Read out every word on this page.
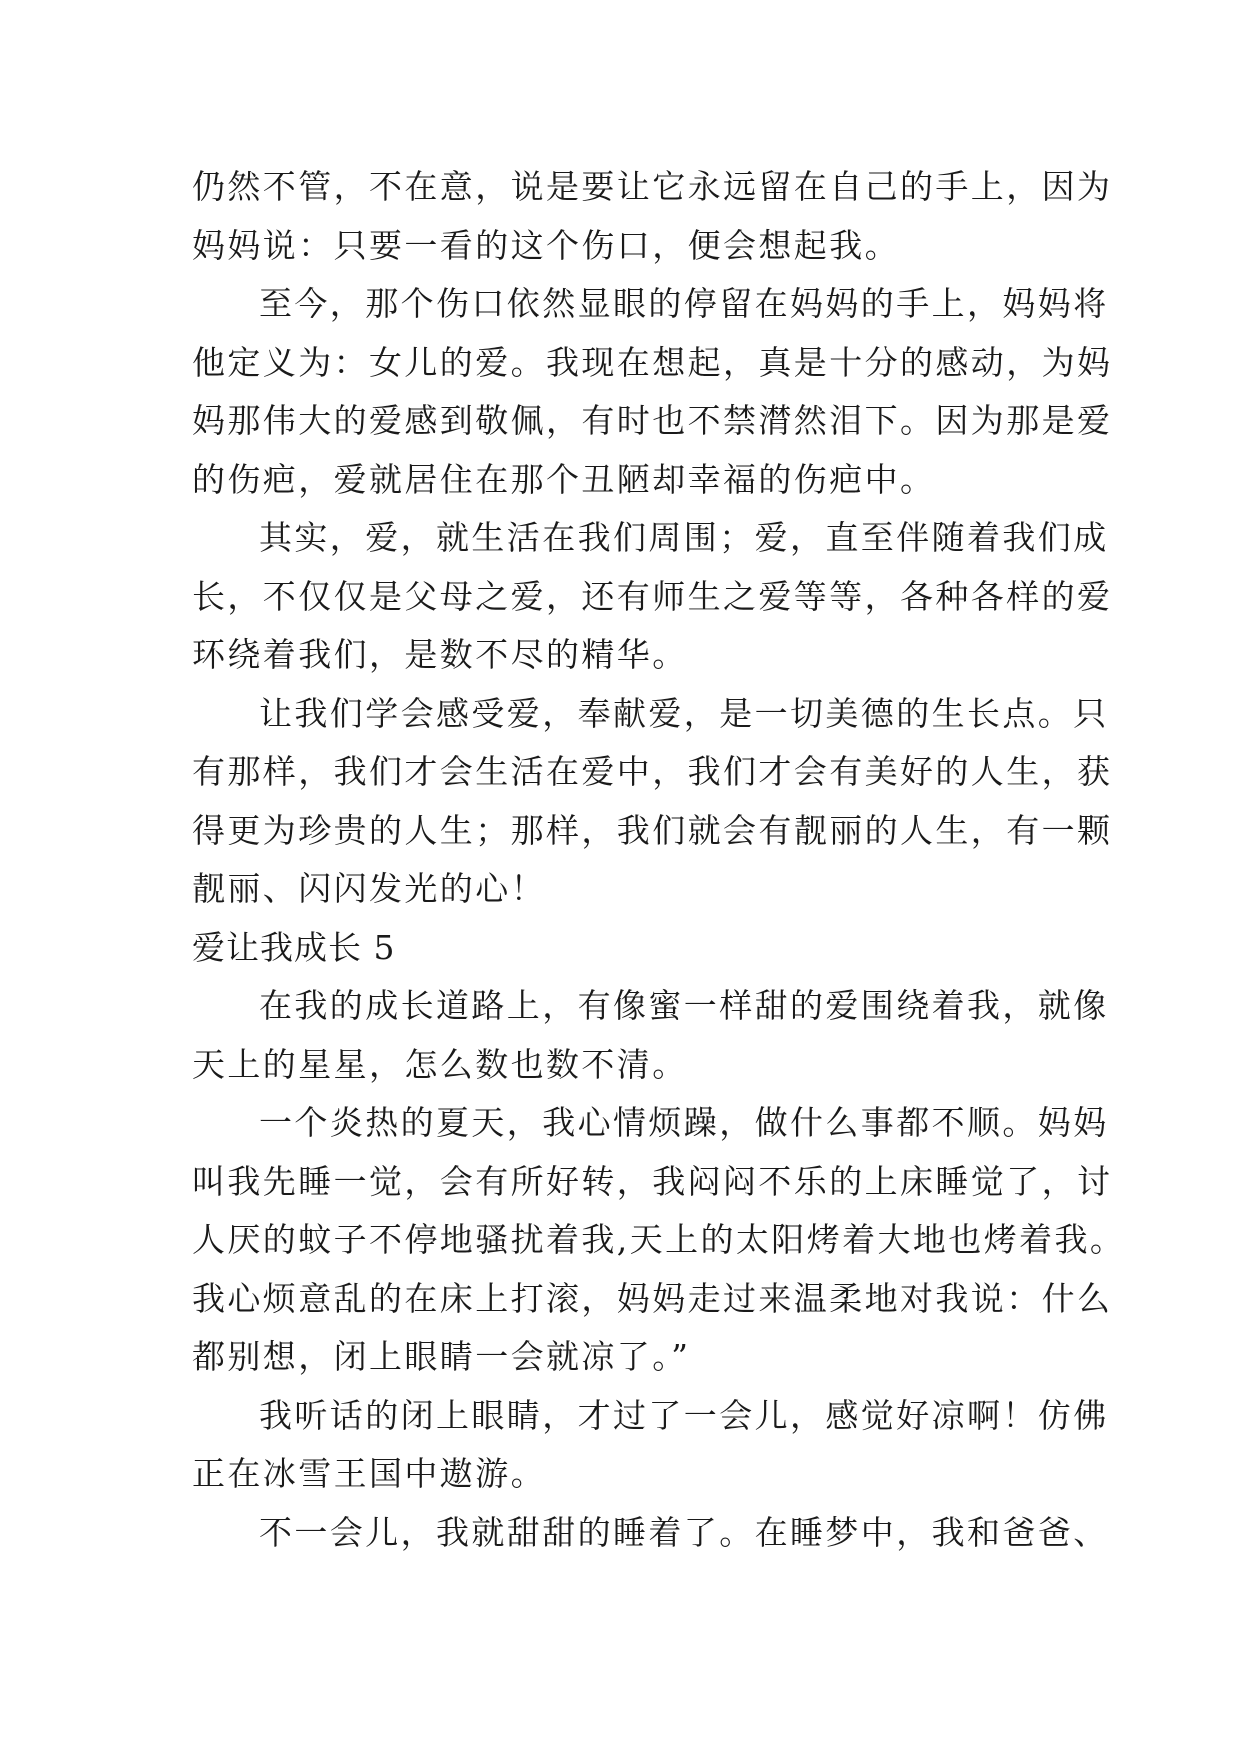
仍然不管，不在意，说是要让它永远留在自己的手上，因为
妈妈说：只要一看的这个伤口，便会想起我。
至今，那个伤口依然显眼的停留在妈妈的手上，妈妈将
他定义为：女儿的爱。我现在想起，真是十分的感动，为妈
妈那伟大的爱感到敬佩，有时也不禁潸然泪下。因为那是爱
的伤疤，爱就居住在那个丑陋却幸福的伤疤中。
其实，爱，就生活在我们周围；爱，直至伴随着我们成
长，不仅仅是父母之爱，还有师生之爱等等，各种各样的爱
环绕着我们，是数不尽的精华。
让我们学会感受爱，奉献爱，是一切美德的生长点。只
有那样，我们才会生活在爱中，我们才会有美好的人生，获
得更为珍贵的人生；那样，我们就会有靓丽的人生，有一颗
靓丽、闪闪发光的心！
爱让我成长 5
在我的成长道路上，有像蜜一样甜的爱围绕着我，就像
天上的星星，怎么数也数不清。
一个炎热的夏天，我心情烦躁，做什么事都不顺。妈妈
叫我先睡一觉，会有所好转，我闷闷不乐的上床睡觉了，讨
人厌的蚊子不停地骚扰着我,天上的太阳烤着大地也烤着我。
我心烦意乱的在床上打滚，妈妈走过来温柔地对我说：什么
都别想，闭上眼睛一会就凉了。”
我听话的闭上眼睛，才过了一会儿，感觉好凉啊！仿佛
正在冰雪王国中遨游。
不一会儿，我就甜甜的睡着了。在睡梦中，我和爸爸、
